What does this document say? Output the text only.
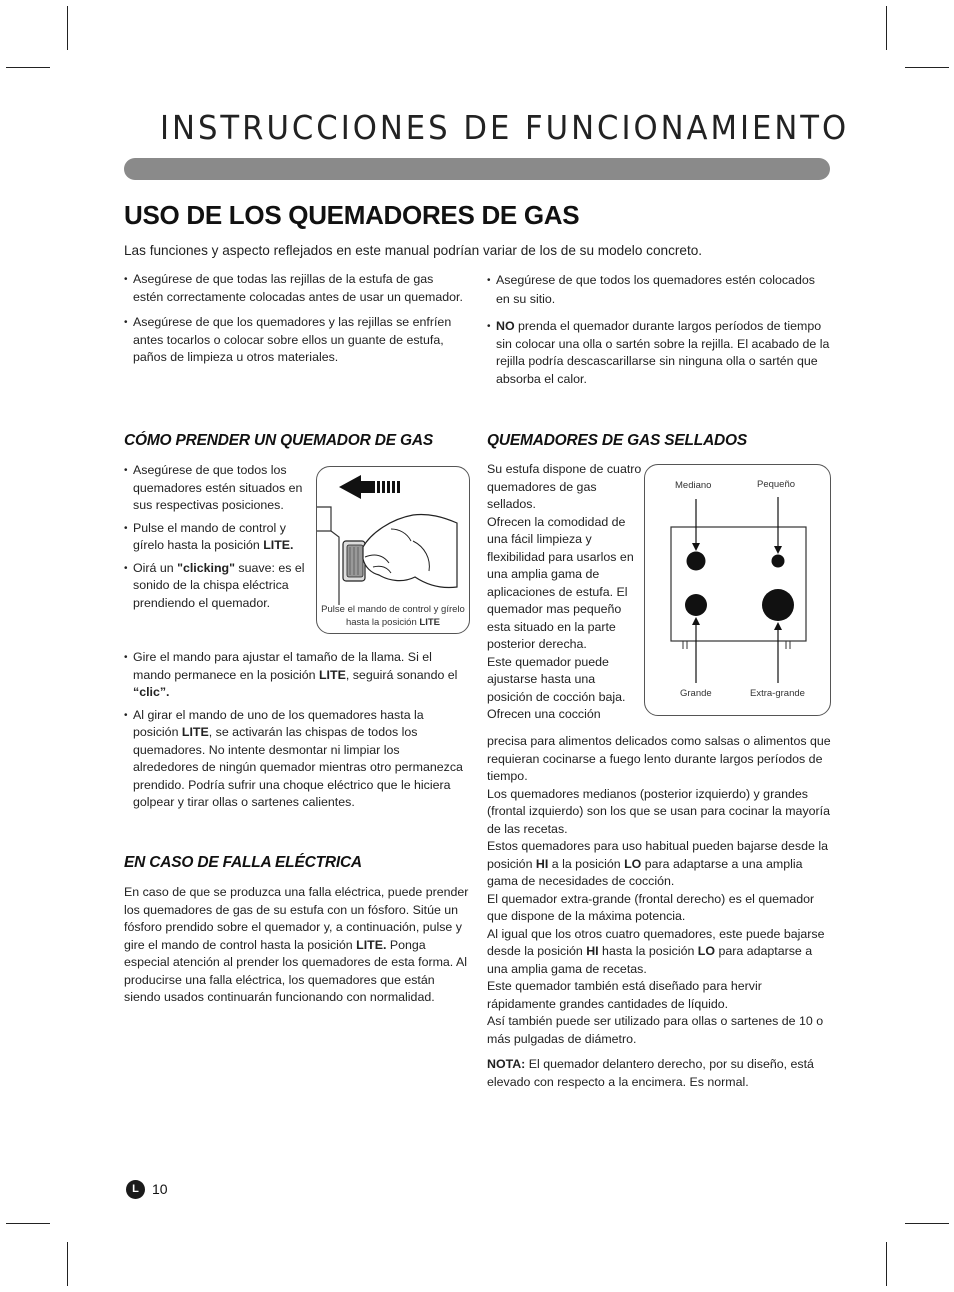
INSTRUCCIONES DE FUNCIONAMIENTO
USO DE LOS QUEMADORES DE GAS
Las funciones y aspecto reflejados en este manual podrían variar de los de su modelo concreto.

• Asegúrese de que todas las rejillas de la estufa de gas estén correctamente colocadas antes de usar un quemador.

• Asegúrese de que los quemadores y las rejillas se enfríen antes tocarlos o colocar sobre ellos un guante de estufa, paños de limpieza u otros materiales.

• Asegúrese de que todos los quemadores estén colocados en su sitio.

• NO prenda el quemador durante largos períodos de tiempo sin colocar una olla o sartén sobre la rejilla. El acabado de la rejilla podría descascarillarse sin ninguna olla o sartén que absorba el calor.

CÓMO PRENDER UN QUEMADOR DE GAS

• Asegúrese de que todos los quemadores estén situados en sus respectivas posiciones.

• Pulse el mando de control y gírelo hasta la posición LITE.

• Oirá un "clicking" suave: es el sonido de la chispa eléctrica prendiendo el quemador.

• Gire el mando para ajustar el tamaño de la llama. Si el mando permanece en la posición LITE, seguirá sonando el “clic”.

• Al girar el mando de uno de los quemadores hasta la posición LITE, se activarán las chispas de todos los quemadores. No intente desmontar ni limpiar los alrededores de ningún quemador mientras otro permanezca prendido. Podría sufrir una choque eléctrico que le hiciera golpear y tirar ollas o sartenes calientes.

Pulse el mando de control y gírelo hasta la posición LITE
EN CASO DE FALLA ELÉCTRICA

En caso de que se produzca una falla eléctrica, puede prender los quemadores de gas de su estufa con un fósforo. Sitúe un fósforo prendido sobre el quemador y, a continuación, pulse y gire el mando de control hasta la posición LITE. Ponga especial atención al prender los quemadores de esta forma. Al producirse una falla eléctrica, los quemadores que están siendo usados continuarán funcionando con normalidad.

QUEMADORES DE GAS SELLADOS
Su estufa dispone de cuatro quemadores de gas sellados.
Ofrecen la comodidad de una fácil limpieza y flexibilidad para usarlos en una amplia gama de aplicaciones de estufa. El quemador mas pequeño esta situado en la parte posterior derecha.
Este quemador puede ajustarse hasta una posición de cocción baja.
Ofrecen una cocción
Mediano	Pequeño
Grande	Extra-grande

precisa para alimentos delicados como salsas o alimentos que requieran cocinarse a fuego lento durante largos períodos de tiempo.

Los quemadores medianos (posterior izquierdo) y grandes (frontal izquierdo) son los que se usan para cocinar la mayoría de las recetas.

Estos quemadores para uso habitual pueden bajarse desde la posición HI a la posición LO para adaptarse a una amplia gama de necesidades de cocción.

El quemador extra-grande (frontal derecho) es el quemador que dispone de la máxima potencia.

Al igual que los otros cuatro quemadores, este puede bajarse desde la posición HI hasta la posición LO para adaptarse a una amplia gama de recetas.

Este quemador también está diseñado para hervir rápidamente grandes cantidades de líquido.

Así también puede ser utilizado para ollas o sartenes de 10 o más pulgadas de diámetro.

NOTA: El quemador delantero derecho, por su diseño, está elevado con respecto a la encimera. Es normal.

L 10
